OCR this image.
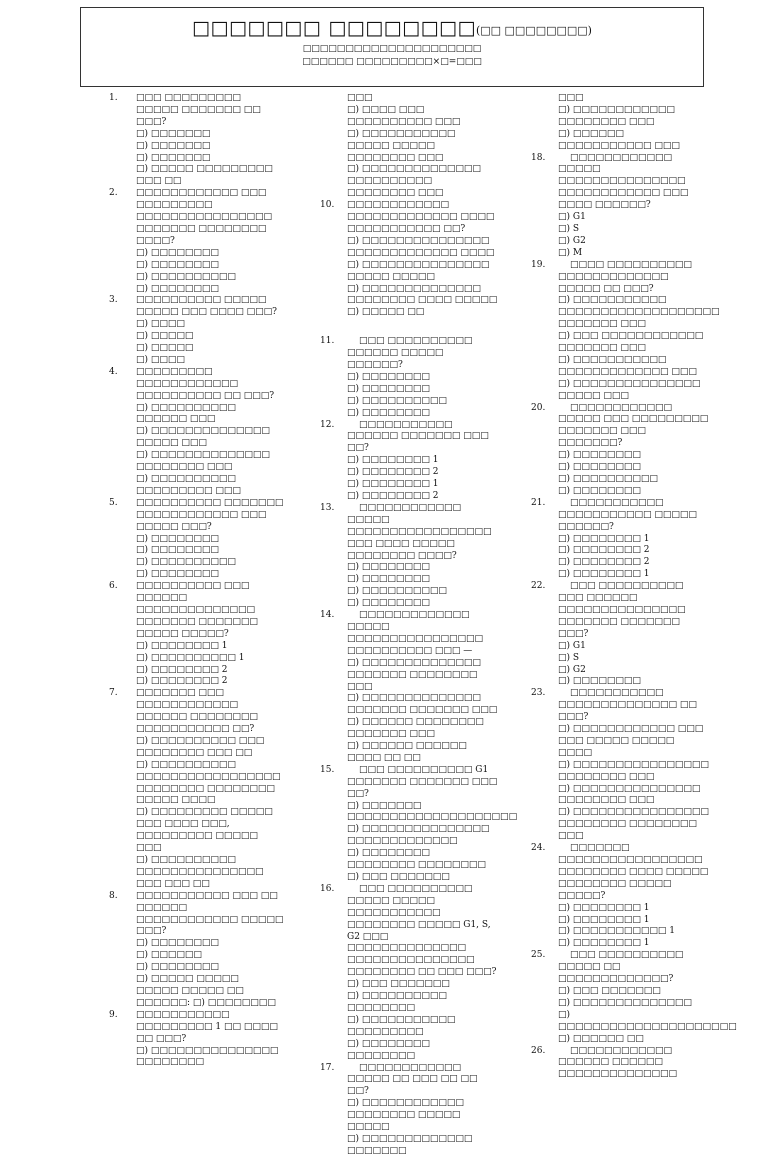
□□□□□□□ □□□□□□□□(□□ □□□□□□□□)
□□□□□□□□□□□□□□□□□□□□□
□□□□□□ □□□□□□□□□×□=□□□
1.	□□□ □□□□□□□□□ □□□□□ □□□□□□□ □□ □□□?
□) □□□□□□□
□) □□□□□□□
□) □□□□□□□
□) □□□□□ □□□□□□□□□ □□□ □□
2.	□□□□□□□□□□□□ □□□ □□□□□□□□□ □□□□□□□□□□□□□□□□ □□□□□□□ □□□□□□□□ □□□□?
□) □□□□□□□□
□) □□□□□□□□
□) □□□□□□□□□□
□) □□□□□□□□
3.	□□□□□□□□□□ □□□□□ □□□□□ □□□ □□□□ □□□?
□) □□□□
□) □□□□□
□) □□□□□
□) □□□□
4.	□□□□□□□□□ □□□□□□□□□□□□ □□□□□□□□□□ □□ □□□?
□) □□□□□□□□□□ □□□□□□ □□□
□) □□□□□□□□□□□□□□ □□□□□ □□□
□) □□□□□□□□□□□□□□ □□□□□□□□ □□□
□) □□□□□□□□□□ □□□□□□□□□ □□□
5.	□□□□□□□□□□ □□□□□□□ □□□□□□□□□□□□ □□□ □□□□□ □□□?
□) □□□□□□□□
□) □□□□□□□□
□) □□□□□□□□□□
□) □□□□□□□□
6.	□□□□□□□□□□ □□□ □□□□□□ □□□□□□□□□□□□□□ □□□□□□□ □□□□□□□ □□□□□ □□□□□?
□) □□□□□□□□ 1
□) □□□□□□□□□□ 1
□) □□□□□□□□ 2
□) □□□□□□□□ 2
7.	□□□□□□□ □□□ □□□□□□□□□□□□ □□□□□□ □□□□□□□□ □□□□□□□□□□□ □□?
□) □□□□□□□□□□ □□□ □□□□□□□□ □□□ □□
□) □□□□□□□□□□ □□□□□□□□□□□□□□□□□ □□□□□□□□ □□□□□□□□ □□□□□ □□□□
□) □□□□□□□□□ □□□□□ □□□ □□□□ □□□, □□□□□□□□□ □□□□□ □□□
□) □□□□□□□□□□ □□□□□□□□□□□□□□□ □□□ □□□ □□
8.	□□□□□□□□□□□ □□□ □□ □□□□□□ □□□□□□□□□□□□ □□□□□ □□□?
□) □□□□□□□□
□) □□□□□□
□) □□□□□□□□
□) □□□□□ □□□□□ □□□□□ □□□□□ □□
□□□□□□: □) □□□□□□□□
9.	□□□□□□□□□□□ □□□□□□□□□ 1 □□ □□□□ □□ □□□?
□) □□□□□□□□□□□□□□□ □□□□□□□□
□□□
□) □□□□ □□□ □□□□□□□□□□ □□□
□) □□□□□□□□□□□ □□□□□ □□□□□ □□□□□□□□ □□□
□) □□□□□□□□□□□□□□ □□□□□□□□□□ □□□□□□□□ □□□
10.	□□□□□□□□□□□□ □□□□□□□□□□□□□ □□□□ □□□□□□□□□□□ □□?
□) □□□□□□□□□□□□□□□ □□□□□□□□□□□□□ □□□□
□) □□□□□□□□□□□□□□□ □□□□□ □□□□□
□) □□□□□□□□□□□□□□ □□□□□□□□ □□□□ □□□□□
□) □□□□□ □□
11.	□□□ □□□□□□□□□□ □□□□□□ □□□□□ □□□□□□?
□) □□□□□□□□
□) □□□□□□□□
□) □□□□□□□□□□
□) □□□□□□□□
12.	□□□□□□□□□□□ □□□□□□ □□□□□□□ □□□ □□?
□) □□□□□□□□ 1
□) □□□□□□□□ 2
□) □□□□□□□□ 1
□) □□□□□□□□ 2
13.	□□□□□□□□□□□□ □□□□□ □□□□□□□□□□□□□□□□□ □□□ □□□□ □□□□□ □□□□□□□□ □□□□?
□) □□□□□□□□
□) □□□□□□□□
□) □□□□□□□□□□
□) □□□□□□□□
14.	□□□□□□□□□□□□□ □□□□□ □□□□□□□□□□□□□□□□ □□□□□□□□□□ □□□ —
□) □□□□□□□□□□□□□□ □□□□□□□ □□□□□□□□ □□□
□) □□□□□□□□□□□□□□ □□□□□□□ □□□□□□□ □□□
□) □□□□□□ □□□□□□□□ □□□□□□□ □□□
□) □□□□□□ □□□□□□ □□□□ □□ □□
15.	□□□ □□□□□□□□□□ G1 □□□□□□□ □□□□□□□ □□□ □□?
□) □□□□□□□ □□□□□□□□□□□□□□□□□□□□
□) □□□□□□□□□□□□□□□ □□□□□□□□□□□□□
□) □□□□□□□□ □□□□□□□□ □□□□□□□□
□) □□□ □□□□□□□
16.	□□□ □□□□□□□□□□ □□□□□ □□□□□ □□□□□□□□□□□ □□□□□□□□ □□□□□ G1, S, G2 □□□ □□□□□□□□□□□□□□ □□□□□□□□□□□□□□□ □□□□□□□□ □□ □□□ □□□?
□) □□□ □□□□□□□
□) □□□□□□□□□□ □□□□□□□□
□) □□□□□□□□□□□ □□□□□□□□□
□) □□□□□□□□ □□□□□□□□
17.	□□□□□□□□□□□□ □□□□□ □□ □□□ □□ □□ □□?
□) □□□□□□□□□□□□ □□□□□□□□ □□□□□ □□□□□
□) □□□□□□□□□□□□□ □□□□□□□
□□□
□) □□□□□□□□□□□□ □□□□□□□□ □□□
□) □□□□□□ □□□□□□□□□□□ □□□
18.	□□□□□□□□□□□□ □□□□□ □□□□□□□□□□□□□□□ □□□□□□□□□□□□ □□□ □□□□ □□□□□□?
□) G1
□) S
□) G2
□) M
19.	□□□□ □□□□□□□□□□ □□□□□□□□□□□□□ □□□□□ □□ □□□?
□) □□□□□□□□□□□ □□□□□□□□□□□□□□□□□□□ □□□□□□□ □□□
□) □□□ □□□□□□□□□□□□ □□□□□□□ □□□
□) □□□□□□□□□□□ □□□□□□□□□□□□□ □□□
□) □□□□□□□□□□□□□□□ □□□□□ □□□
20.	□□□□□□□□□□□□ □□□□□ □□□ □□□□□□□□□ □□□□□□□ □□□ □□□□□□□?
□) □□□□□□□□
□) □□□□□□□□
□) □□□□□□□□□□
□) □□□□□□□□
21.	□□□□□□□□□□□ □□□□□□□□□□□ □□□□□ □□□□□□?
□) □□□□□□□□ 1
□) □□□□□□□□ 2
□) □□□□□□□□ 2
□) □□□□□□□□ 1
22.	□□□ □□□□□□□□□□ □□□ □□□□□□ □□□□□□□□□□□□□□□ □□□□□□□ □□□□□□□ □□□?
□) G1
□) S
□) G2
□) □□□□□□□□
23.	□□□□□□□□□□□ □□□□□□□□□□□□□□ □□ □□□?
□) □□□□□□□□□□□□ □□□ □□□ □□□□□ □□□□□ □□□□
□) □□□□□□□□□□□□□□□□ □□□□□□□□ □□□
□) □□□□□□□□□□□□□□□ □□□□□□□□ □□□
□) □□□□□□□□□□□□□□□□ □□□□□□□□ □□□□□□□□ □□□
24.	□□□□□□□ □□□□□□□□□□□□□□□□□ □□□□□□□□ □□□□ □□□□□ □□□□□□□□ □□□□□ □□□□□?
□) □□□□□□□□ 1
□) □□□□□□□□ 1
□) □□□□□□□□□□□ 1
□) □□□□□□□□ 1
25.	□□□ □□□□□□□□□□ □□□□□ □□ □□□□□□□□□□□□□?
□) □□□ □□□□□□□
□) □□□□□□□□□□□□□□
□) □□□□□□□□□□□□□□□□□□□□□
□) □□□□□□ □□
26.	□□□□□□□□□□□□ □□□□□□ □□□□□□ □□□□□□□□□□□□□□
